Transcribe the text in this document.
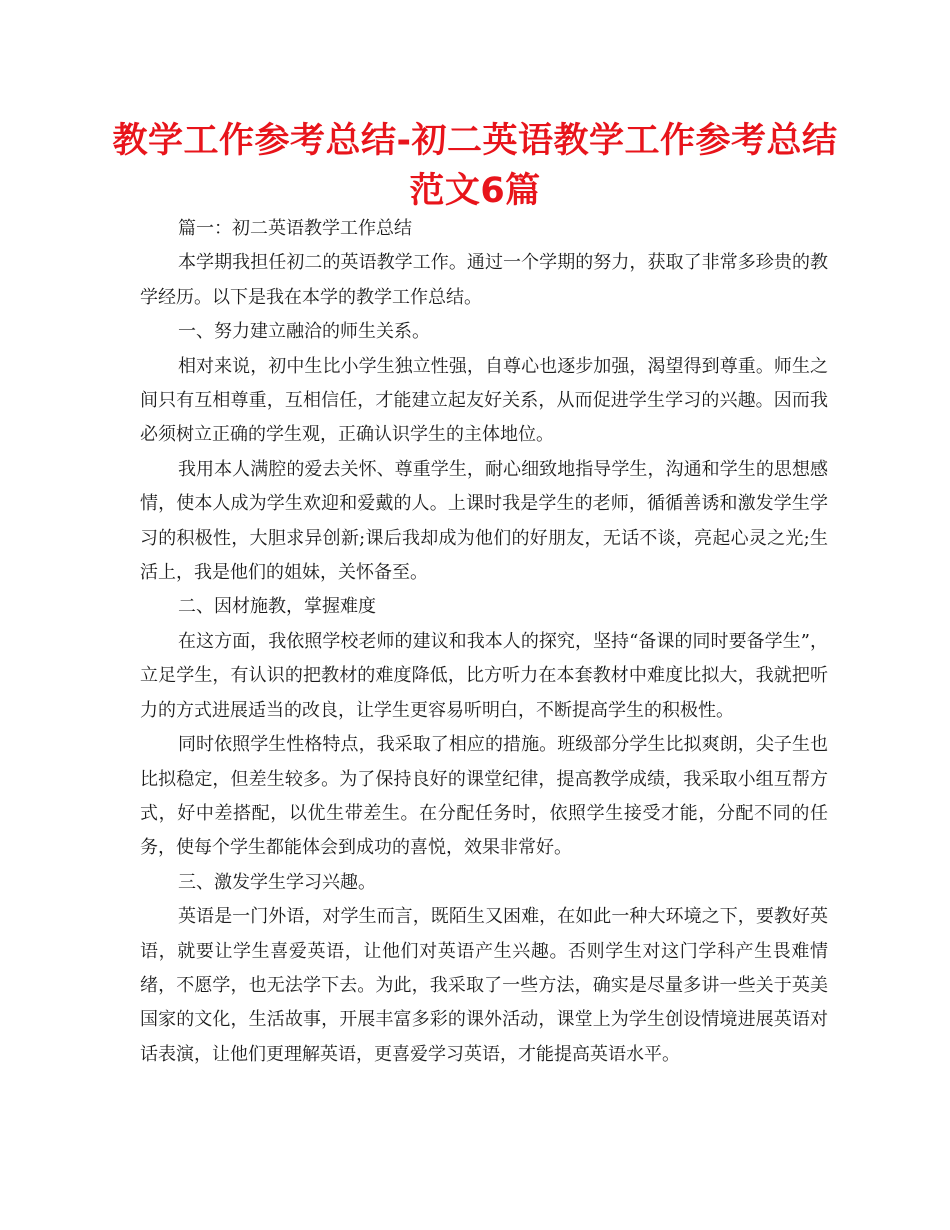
教学工作参考总结-初二英语教学工作参考总结范文6篇

篇一：初二英语教学工作总结

本学期我担任初二的英语教学工作。通过一个学期的努力，获取了非常多珍贵的教学经历。以下是我在本学的教学工作总结。

一、努力建立融洽的师生关系。

相对来说，初中生比小学生独立性强，自尊心也逐步加强，渴望得到尊重。师生之间只有互相尊重，互相信任，才能建立起友好关系，从而促进学生学习的兴趣。因而我必须树立正确的学生观，正确认识学生的主体地位。

我用本人满腔的爱去关怀、尊重学生，耐心细致地指导学生，沟通和学生的思想感情，使本人成为学生欢迎和爱戴的人。上课时我是学生的老师，循循善诱和激发学生学习的积极性，大胆求异创新;课后我却成为他们的好朋友，无话不谈，亮起心灵之光;生活上，我是他们的姐妹，关怀备至。

二、因材施教，掌握难度

在这方面，我依照学校老师的建议和我本人的探究，坚持“备课的同时要备学生”，立足学生，有认识的把教材的难度降低，比方听力在本套教材中难度比拟大，我就把听力的方式进展适当的改良，让学生更容易听明白，不断提高学生的积极性。

同时依照学生性格特点，我采取了相应的措施。班级部分学生比拟爽朗，尖子生也比拟稳定，但差生较多。为了保持良好的课堂纪律，提高教学成绩，我采取小组互帮方式，好中差搭配，以优生带差生。在分配任务时，依照学生接受才能，分配不同的任务，使每个学生都能体会到成功的喜悦，效果非常好。

三、激发学生学习兴趣。

英语是一门外语，对学生而言，既陌生又困难，在如此一种大环境之下，要教好英语，就要让学生喜爱英语，让他们对英语产生兴趣。否则学生对这门学科产生畏难情绪，不愿学，也无法学下去。为此，我采取了一些方法，确实是尽量多讲一些关于英美国家的文化，生活故事，开展丰富多彩的课外活动，课堂上为学生创设情境进展英语对话表演，让他们更理解英语，更喜爱学习英语，才能提高英语水平。
